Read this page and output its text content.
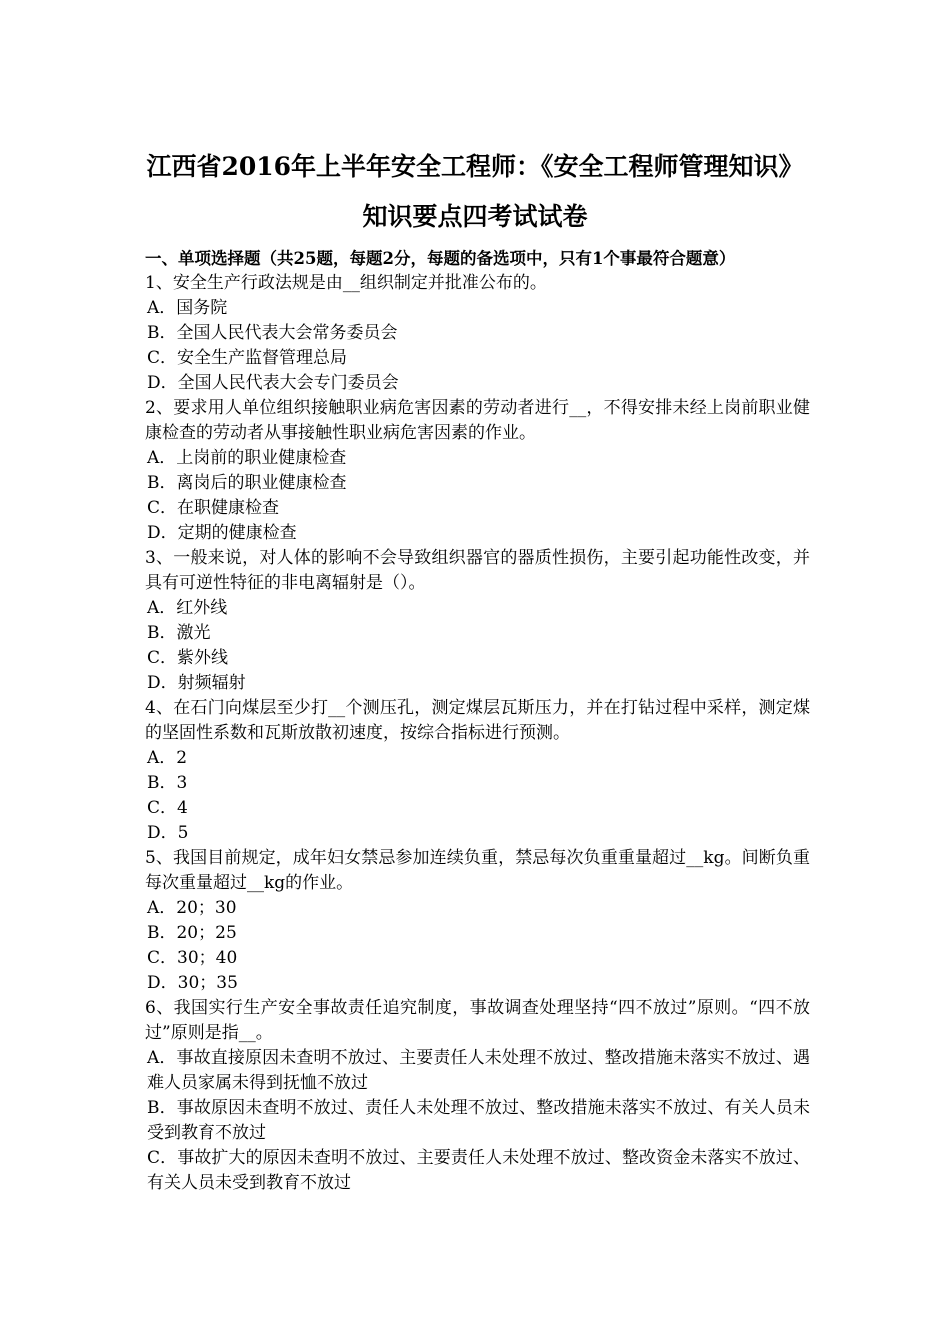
江西省2016年上半年安全工程师：《安全工程师管理知识》
知识要点四考试试卷
一、单项选择题（共25题，每题2分，每题的备选项中，只有1个事最符合题意）
1、安全生产行政法规是由__组织制定并批准公布的。
A．国务院
B．全国人民代表大会常务委员会
C．安全生产监督管理总局
D．全国人民代表大会专门委员会
2、要求用人单位组织接触职业病危害因素的劳动者进行__，不得安排未经上岗前职业健康检查的劳动者从事接触性职业病危害因素的作业。
A．上岗前的职业健康检查
B．离岗后的职业健康检查
C．在职健康检查
D．定期的健康检查
3、一般来说，对人体的影响不会导致组织器官的器质性损伤，主要引起功能性改变，并具有可逆性特征的非电离辐射是（）。
A．红外线
B．激光
C．紫外线
D．射频辐射
4、在石门向煤层至少打__个测压孔，测定煤层瓦斯压力，并在打钻过程中采样，测定煤的坚固性系数和瓦斯放散初速度，按综合指标进行预测。
A．2
B．3
C．4
D．5
5、我国目前规定，成年妇女禁忌参加连续负重，禁忌每次负重重量超过__kg。间断负重每次重量超过__kg的作业。
A．20；30
B．20；25
C．30；40
D．30；35
6、我国实行生产安全事故责任追究制度，事故调查处理坚持“四不放过”原则。“四不放过”原则是指__。
A．事故直接原因未查明不放过、主要责任人未处理不放过、整改措施未落实不放过、遇难人员家属未得到抚恤不放过
B．事故原因未查明不放过、责任人未处理不放过、整改措施未落实不放过、有关人员未受到教育不放过
C．事故扩大的原因未查明不放过、主要责任人未处理不放过、整改资金未落实不放过、有关人员未受到教育不放过
